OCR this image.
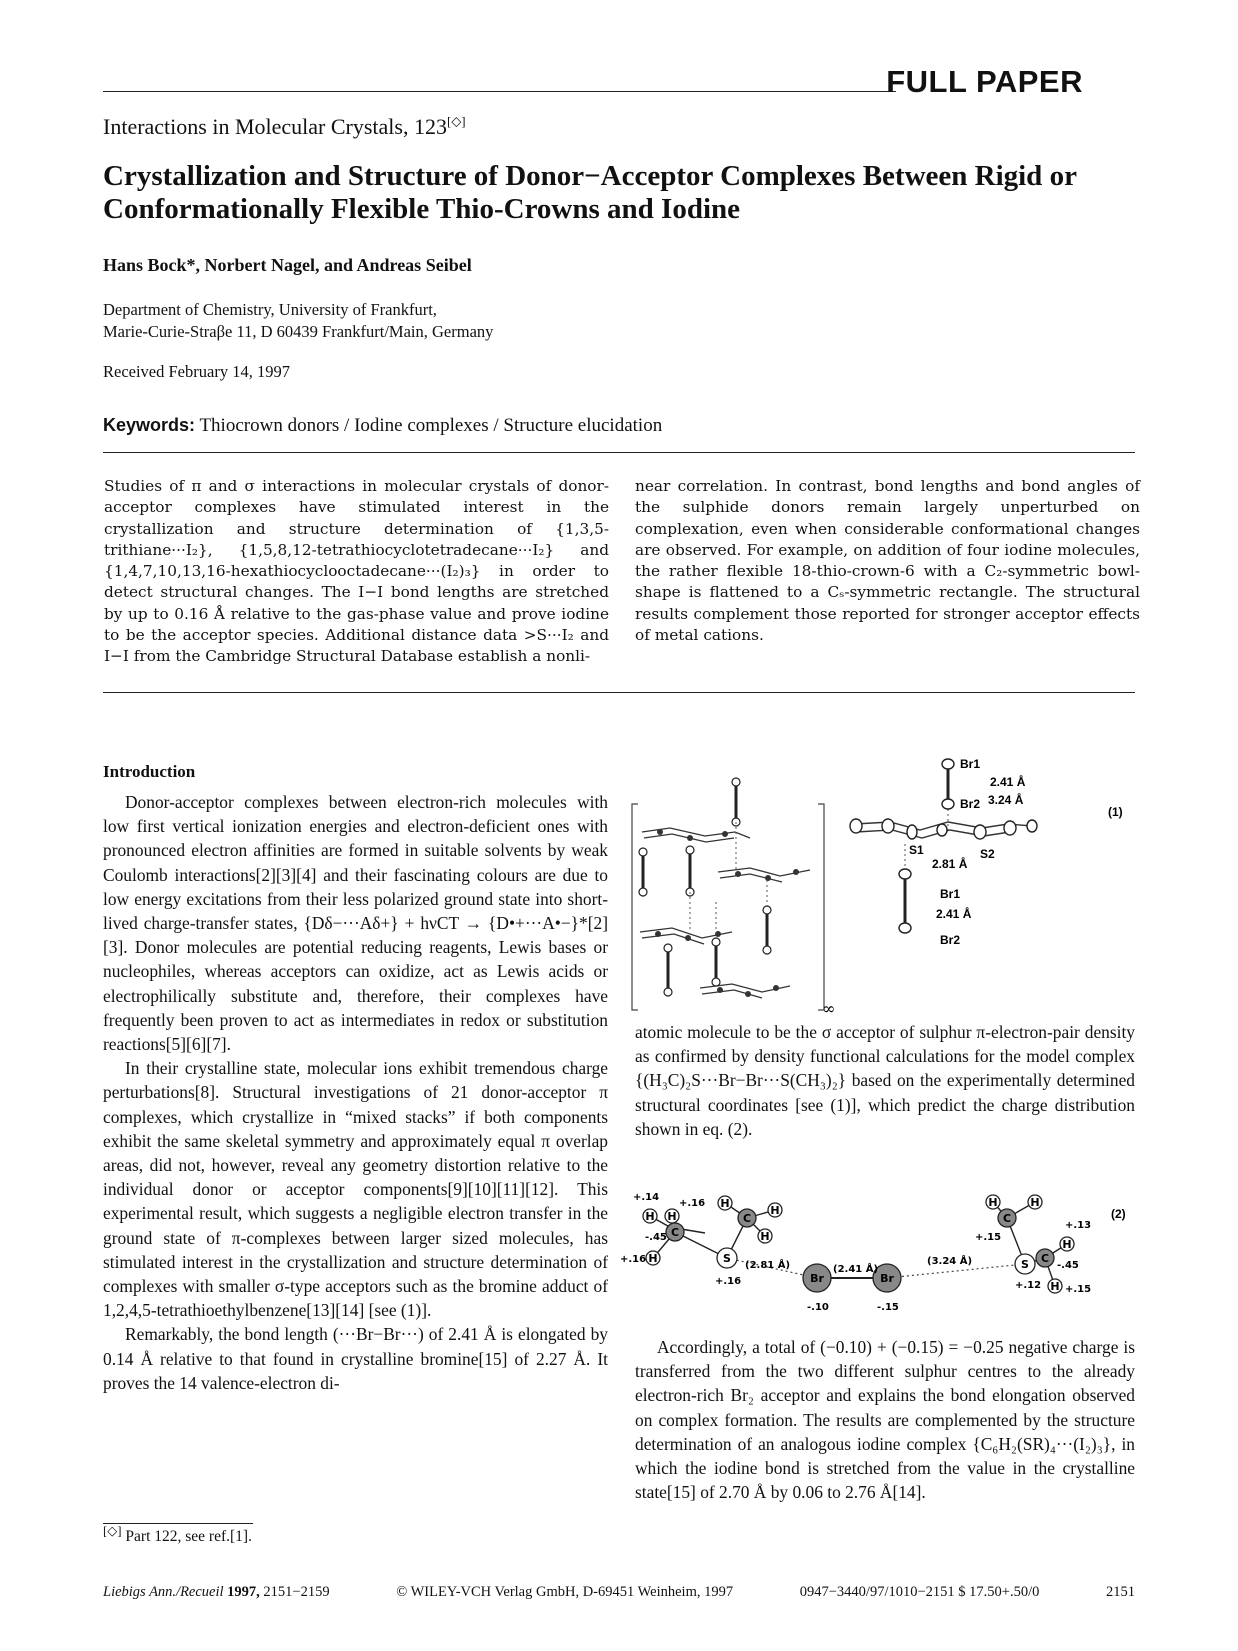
FULL PAPER
Interactions in Molecular Crystals, 123[◇]
Crystallization and Structure of Donor−Acceptor Complexes Between Rigid or
Conformationally Flexible Thio-Crowns and Iodine
Hans Bock*, Norbert Nagel, and Andreas Seibel
Department of Chemistry, University of Frankfurt,
Marie-Curie-Straβe 11, D 60439 Frankfurt/Main, Germany
Received February 14, 1997
Keywords: Thiocrown donors / Iodine complexes / Structure elucidation
Studies of π and σ interactions in molecular crystals of donor-acceptor complexes have stimulated interest in the crystallization and structure determination of {1,3,5-trithiane···I₂}, {1,5,8,12-tetrathiocyclotetradecane···I₂} and {1,4,7,10,13,16-hexathiocyclooctadecane···(I₂)₃} in order to detect structural changes. The I−I bond lengths are stretched by up to 0.16 Å relative to the gas-phase value and prove iodine to be the acceptor species. Additional distance data >S···I₂ and I−I from the Cambridge Structural Database establish a nonli-
near correlation. In contrast, bond lengths and bond angles of the sulphide donors remain largely unperturbed on complexation, even when considerable conformational changes are observed. For example, on addition of four iodine molecules, the rather flexible 18-thio-crown-6 with a C₂-symmetric bowl-shape is flattened to a Cₛ-symmetric rectangle. The structural results complement those reported for stronger acceptor effects of metal cations.
Introduction

Donor-acceptor complexes between electron-rich molecules with low first vertical ionization energies and electron-deficient ones with pronounced electron affinities are formed in suitable solvents by weak Coulomb interactions[2][3][4] and their fascinating colours are due to low energy excitations from their less polarized ground state into short-lived charge-transfer states, {Dδ−···Aδ+} + hνCT → {D•+···A•−}*[2][3]. Donor molecules are potential reducing reagents, Lewis bases or nucleophiles, whereas acceptors can oxidize, act as Lewis acids or electrophilically substitute and, therefore, their complexes have frequently been proven to act as intermediates in redox or substitution reactions[5][6][7].

In their crystalline state, molecular ions exhibit tremendous charge perturbations[8]. Structural investigations of 21 donor-acceptor π complexes, which crystallize in “mixed stacks” if both components exhibit the same skeletal symmetry and approximately equal π overlap areas, did not, however, reveal any geometry distortion relative to the individual donor or acceptor components[9][10][11][12]. This experimental result, which suggests a negligible electron transfer in the ground state of π-complexes between larger sized molecules, has stimulated interest in the crystallization and structure determination of complexes with smaller σ-type acceptors such as the bromine adduct of 1,2,4,5-tetrathioethylbenzene[13][14] [see (1)].

Remarkably, the bond length (···Br−Br···) of 2.41 Å is elongated by 0.14 Å relative to that found in crystalline bromine[15] of 2.27 Å. It proves the 14 valence-electron di-

∞
Br1
2.41 Å
Br2 3.24 Å
(1)
S1	S2
2.81 Å
Br1
2.41 Å
Br2

atomic molecule to be the σ acceptor of sulphur π-electron-pair density as confirmed by density functional calculations for the model complex {(H₃C)₂S···Br−Br···S(CH₃)₂} based on the experimentally determined structural coordinates [see (1)], which predict the charge distribution shown in eq. (2).

H H
H
H
H
H
C
C
S
Br	Br
S
C
C
H	H
H
H
+.14
+.16
-.45
+.16
+.16
(2.81 Å)	(2.41 Å)
(3.24 Å)
-.10	-.15
+.15
+.13
-.45
+.12 +.15
(2)

Accordingly, a total of (−0.10) + (−0.15) = −0.25 negative charge is transferred from the two different sulphur centres to the already electron-rich Br₂ acceptor and explains the bond elongation observed on complex formation. The results are complemented by the structure determination of an analogous iodine complex {C₆H₂(SR)₄···(I₂)₃}, in which the iodine bond is stretched from the value in the crystalline state[15] of 2.70 Å by 0.06 to 2.76 Å[14].

[◇] Part 122, see ref.[1].
Liebigs Ann./Recueil 1997, 2151−2159	© WILEY-VCH Verlag GmbH, D-69451 Weinheim, 1997	0947−3440/97/1010−2151 $ 17.50+.50/0	2151
